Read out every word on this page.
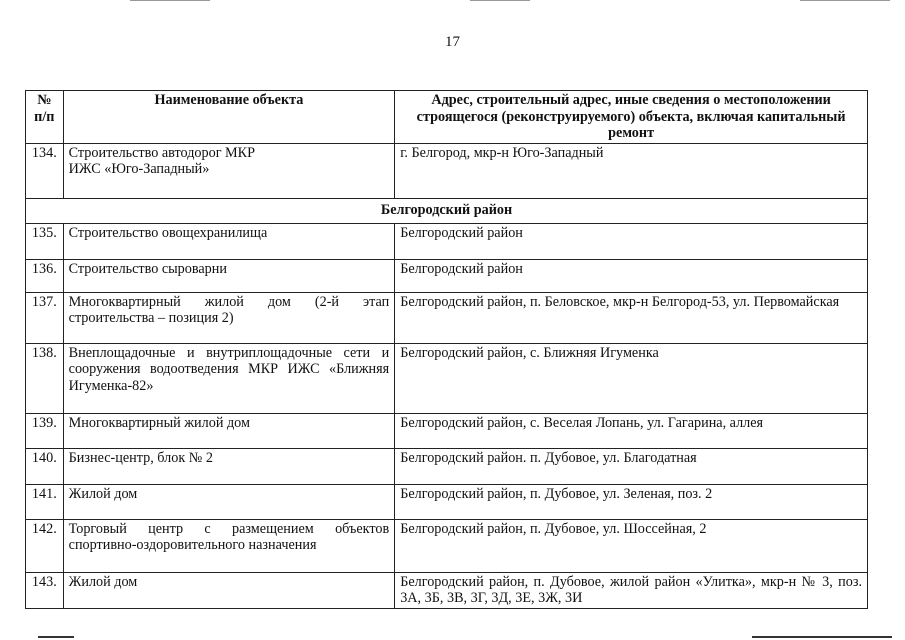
17
№ п/п	Наименование объекта	Адрес, строительный адрес, иные сведения о местоположении строящегося (реконструируемого) объекта, включая капитальный ремонт
134.	Строительство автодорог МКР ИЖС «Юго-Западный»	г. Белгород, мкр-н Юго-Западный
Белгородский район		
135.	Строительство овощехранилища	Белгородский район
136.	Строительство сыроварни	Белгородский район
137.	Многоквартирный жилой дом (2-й этап строительства – позиция 2)	Белгородский район, п. Беловское, мкр-н Белгород-53, ул. Первомайская
138.	Внеплощадочные и внутриплощадочные сети и сооружения водоотведения МКР ИЖС «Ближняя Игуменка-82»	Белгородский район, с. Ближняя Игуменка
139.	Многоквартирный жилой дом	Белгородский район, с. Веселая Лопань, ул. Гагарина, аллея
140.	Бизнес-центр, блок № 2	Белгородский район. п. Дубовое, ул. Благодатная
141.	Жилой дом	Белгородский район, п. Дубовое, ул. Зеленая, поз. 2
142.	Торговый центр с размещением объектов спортивно-оздоровительного назначения	Белгородский район, п. Дубовое, ул. Шоссейная, 2
143.	Жилой дом	Белгородский район, п. Дубовое, жилой район «Улитка», мкр-н № 3, поз. 3А, 3Б, 3В, 3Г, 3Д, 3Е, 3Ж, 3И
